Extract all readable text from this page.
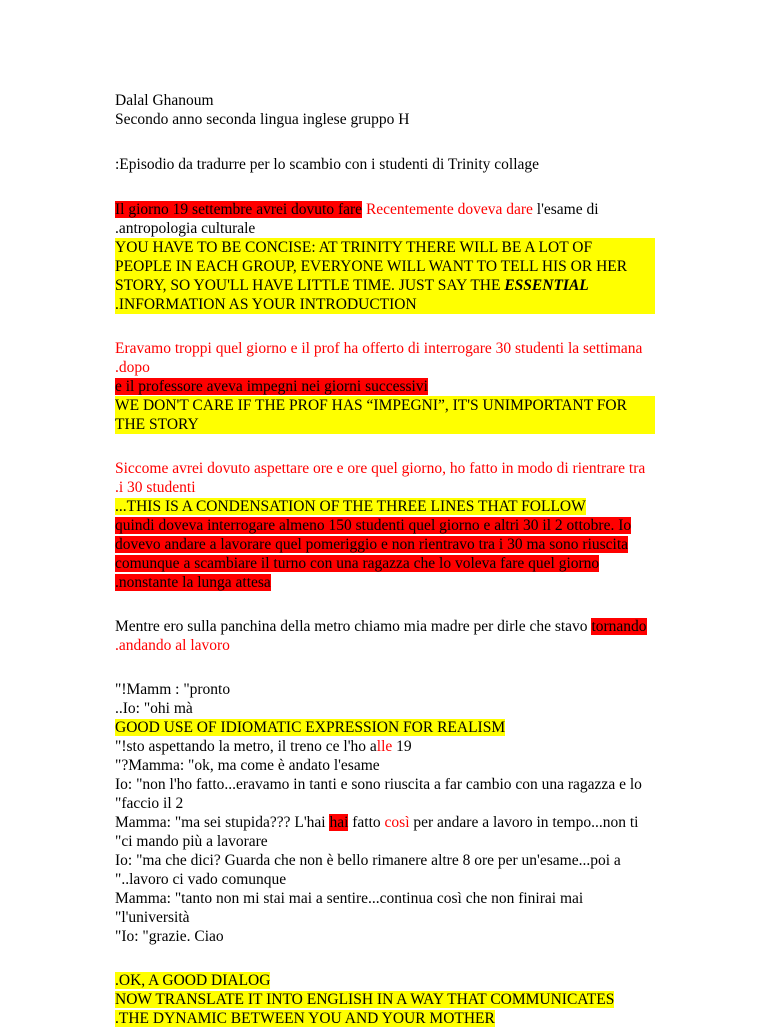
Dalal Ghanoum
Secondo anno seconda lingua inglese gruppo H
:Episodio da tradurre per lo scambio con i studenti di Trinity collage
Il giorno 19 settembre avrei dovuto fare Recentemente doveva dare l'esame di
.antropologia culturale
YOU HAVE TO BE CONCISE: AT TRINITY THERE WILL BE A LOT OF
PEOPLE IN EACH GROUP, EVERYONE WILL WANT TO TELL HIS OR HER
STORY, SO YOU'LL HAVE LITTLE TIME. JUST SAY THE ESSENTIAL
.INFORMATION AS YOUR INTRODUCTION
Eravamo troppi quel giorno e il prof ha offerto di interrogare 30 studenti la settimana
.dopo
e il professore aveva impegni nei giorni successivi
WE DON'T CARE IF THE PROF HAS “IMPEGNI”, IT'S UNIMPORTANT FOR
THE STORY
Siccome avrei dovuto aspettare ore e ore quel giorno, ho fatto in modo di rientrare tra
.i 30 studenti
...THIS IS A CONDENSATION OF THE THREE LINES THAT FOLLOW
quindi doveva interrogare almeno 150 studenti quel giorno e altri 30 il 2 ottobre. Io
dovevo andare a lavorare quel pomeriggio e non rientravo tra i 30 ma sono riuscita
comunque a scambiare il turno con una ragazza che lo voleva fare quel giorno
.nonstante la lunga attesa
Mentre ero sulla panchina della metro chiamo mia madre per dirle che stavo tornando
.andando al lavoro
"!Mamm : "pronto
..Io: "ohi mà
GOOD USE OF IDIOMATIC EXPRESSION FOR REALISM
"!sto aspettando la metro, il treno ce l'ho alle 19
"?Mamma: "ok, ma come è andato l'esame
Io: "non l'ho fatto...eravamo in tanti e sono riuscita a far cambio con una ragazza e lo
"faccio il 2
Mamma: "ma sei stupida??? L'hai hai fatto così per andare a lavoro in tempo...non ti
"ci mando più a lavorare
Io: "ma che dici? Guarda che non è bello rimanere altre 8 ore per un'esame...poi a
"..lavoro ci vado comunque
Mamma: "tanto non mi stai mai a sentire...continua così che non finirai mai
"l'università
"Io: "grazie. Ciao
.OK, A GOOD DIALOG
NOW TRANSLATE IT INTO ENGLISH IN A WAY THAT COMMUNICATES
.THE DYNAMIC BETWEEN YOU AND YOUR MOTHER
